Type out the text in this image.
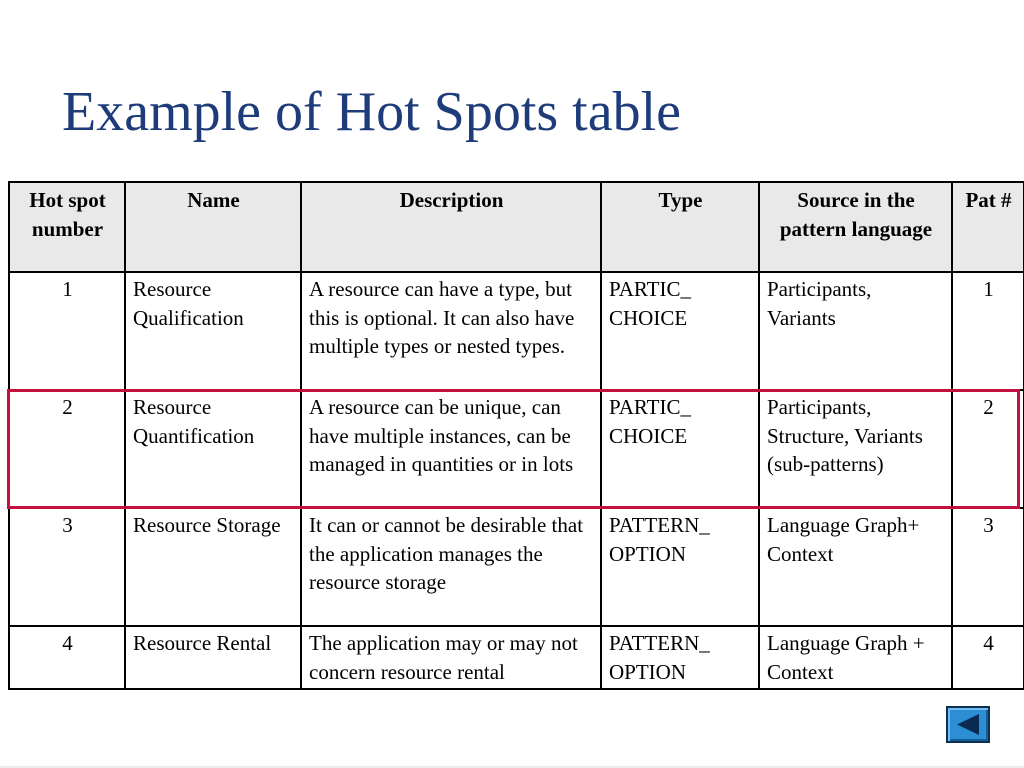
Example of Hot Spots table
Hot spot number	Name	Description	Type	Source in the pattern language	Pat #
1	Resource Qualification	A resource can have a type, but this is optional. It can also have multiple types or nested types.	PARTIC_ CHOICE	Participants, Variants	1
2	Resource Quantification	A resource can be unique, can have multiple instances, can be managed in quantities or in lots	PARTIC_ CHOICE	Participants, Structure, Variants (sub-patterns)	2
3	Resource Storage	It can or cannot be desirable that the application manages the resource storage	PATTERN_ OPTION	Language Graph+ Context	3
4	Resource Rental	The application may or may not concern resource rental	PATTERN_ OPTION	Language Graph + Context	4
